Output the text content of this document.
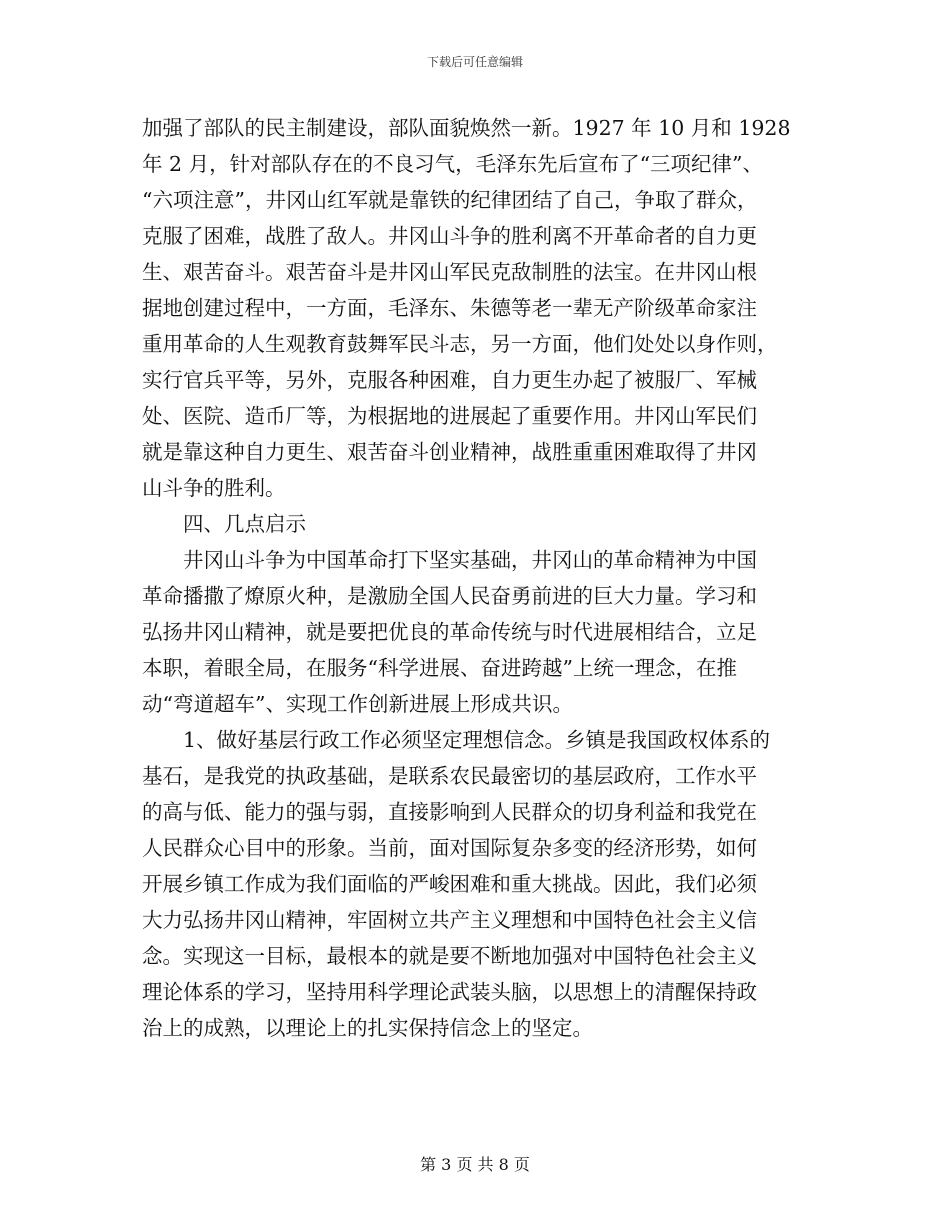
下载后可任意编辑
加强了部队的民主制建设，部队面貌焕然一新。1927 年 10 月和 1928
年 2 月，针对部队存在的不良习气，毛泽东先后宣布了“三项纪律”、
“六项注意”，井冈山红军就是靠铁的纪律团结了自己，争取了群众，
克服了困难，战胜了敌人。井冈山斗争的胜利离不开革命者的自力更
生、艰苦奋斗。艰苦奋斗是井冈山军民克敌制胜的法宝。在井冈山根
据地创建过程中，一方面，毛泽东、朱德等老一辈无产阶级革命家注
重用革命的人生观教育鼓舞军民斗志，另一方面，他们处处以身作则，
实行官兵平等，另外，克服各种困难，自力更生办起了被服厂、军械
处、医院、造币厂等，为根据地的进展起了重要作用。井冈山军民们
就是靠这种自力更生、艰苦奋斗创业精神，战胜重重困难取得了井冈
山斗争的胜利。
四、几点启示
井冈山斗争为中国革命打下坚实基础，井冈山的革命精神为中国
革命播撒了燎原火种，是激励全国人民奋勇前进的巨大力量。学习和
弘扬井冈山精神，就是要把优良的革命传统与时代进展相结合，立足
本职，着眼全局，在服务“科学进展、奋进跨越”上统一理念，在推
动“弯道超车”、实现工作创新进展上形成共识。
1、做好基层行政工作必须坚定理想信念。乡镇是我国政权体系的
基石，是我党的执政基础，是联系农民最密切的基层政府，工作水平
的高与低、能力的强与弱，直接影响到人民群众的切身利益和我党在
人民群众心目中的形象。当前，面对国际复杂多变的经济形势，如何
开展乡镇工作成为我们面临的严峻困难和重大挑战。因此，我们必须
大力弘扬井冈山精神，牢固树立共产主义理想和中国特色社会主义信
念。实现这一目标，最根本的就是要不断地加强对中国特色社会主义
理论体系的学习，坚持用科学理论武装头脑，以思想上的清醒保持政
治上的成熟，以理论上的扎实保持信念上的坚定。
第 3 页 共 8 页
